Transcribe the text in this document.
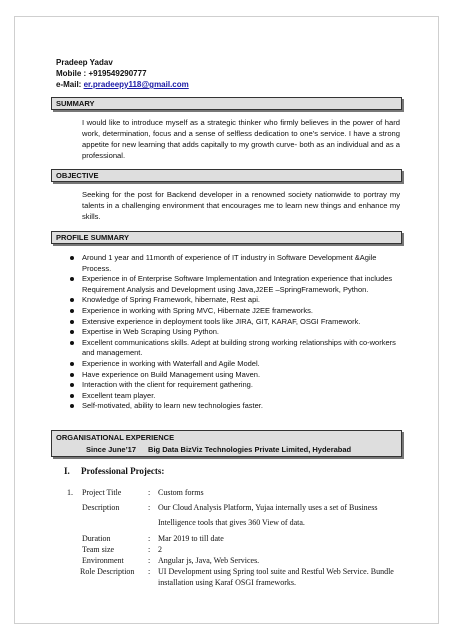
Pradeep Yadav
Mobile : +919549290777
e-Mail: er.pradeepy118@gmail.com
SUMMARY
I would like to introduce myself as a strategic thinker who firmly believes in the power of hard work, determination, focus and a sense of selfless dedication to one’s service. I have a strong appetite for new learning that adds capitally to my growth curve- both as an individual and as a professional.
OBJECTIVE
Seeking for the post for Backend developer in a renowned society nationwide to portray my talents in a challenging environment that encourages me to learn new things and enhance my skills.
PROFILE SUMMARY
Around 1 year and 11month of experience of IT industry in Software Development &Agile Process.
Experience in of Enterprise Software Implementation and Integration experience that includes Requirement Analysis and Development using Java,J2EE –SpringFramework, Python.
Knowledge of Spring Framework, hibernate, Rest api.
Experience in working with Spring MVC, Hibernate J2EE frameworks.
Extensive experience in deployment tools like JIRA, GIT, KARAF, OSGI Framework.
Expertise in Web Scraping Using Python.
Excellent communications skills. Adept at building strong working relationships with co-workers and management.
Experience in working with Waterfall and Agile Model.
Have experience on Build Management using Maven.
Interaction with the client for requirement gathering.
Excellent team player.
Self-motivated, ability to learn new technologies faster.
ORGANISATIONAL EXPERIENCE
Since June’17 Big Data BizViz Technologies Private Limited, Hyderabad
I. Professional Projects:
1. Project Title	: Custom forms
Description	: Our Cloud Analysis Platform, Yujaa internally uses a set of Business
Intelligence tools that gives 360 View of data.
Duration	: Mar 2019 to till date
Team size	: 2
Environment	: Angular js, Java, Web Services.
Role Description : UI Development using Spring tool suite and Restful Web Service. Bundle installation using Karaf OSGI frameworks.
